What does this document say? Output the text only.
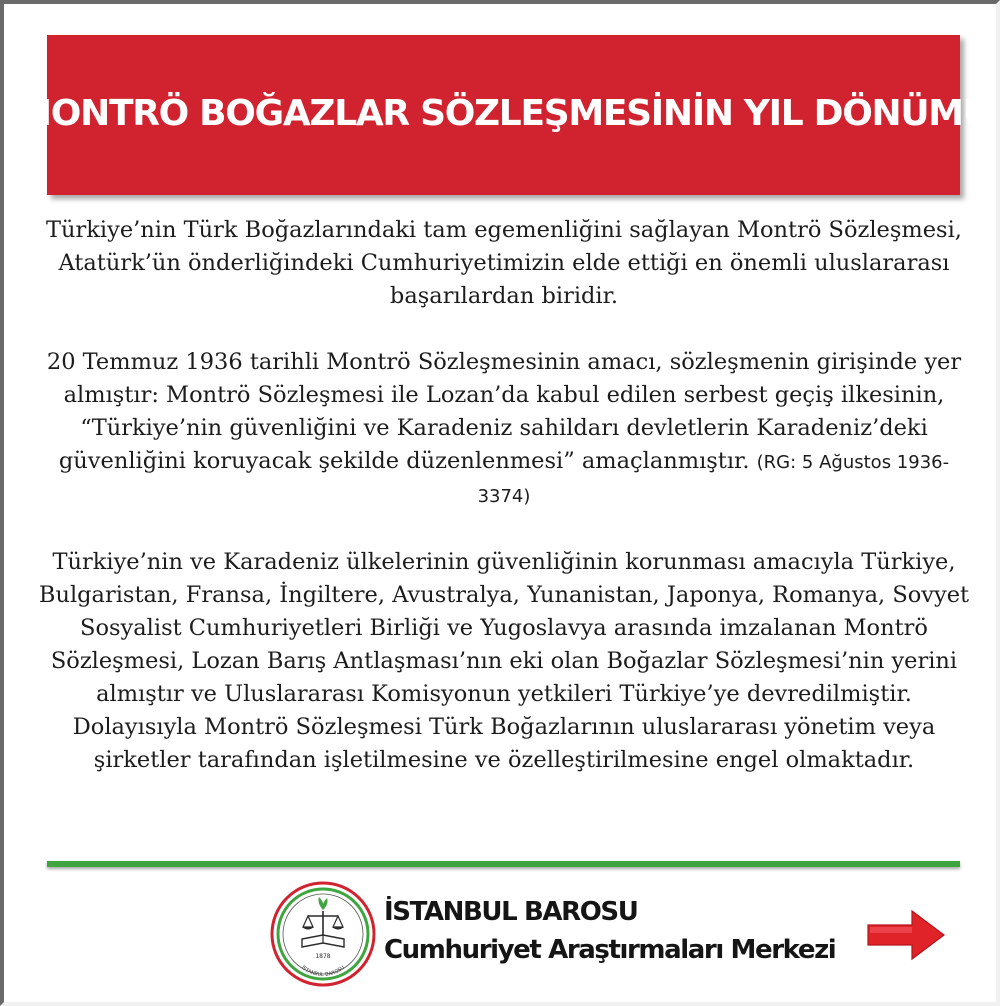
MONTRÖ BOĞAZLAR SÖZLEŞMESİNİN YIL DÖNÜMÜ

Türkiye’nin Türk Boğazlarındaki tam egemenliğini sağlayan Montrö Sözleşmesi, Atatürk’ün önderliğindeki Cumhuriyetimizin elde ettiği en önemli uluslararası başarılardan biridir.

20 Temmuz 1936 tarihli Montrö Sözleşmesinin amacı, sözleşmenin girişinde yer almıştır: Montrö Sözleşmesi ile Lozan’da kabul edilen serbest geçiş ilkesinin, “Türkiye’nin güvenliğini ve Karadeniz sahildarı devletlerin Karadeniz’deki güvenliğini koruyacak şekilde düzenlenmesi” amaçlanmıştır. (RG: 5 Ağustos 1936-3374)

Türkiye’nin ve Karadeniz ülkelerinin güvenliğinin korunması amacıyla Türkiye, Bulgaristan, Fransa, İngiltere, Avustralya, Yunanistan, Japonya, Romanya, Sovyet Sosyalist Cumhuriyetleri Birliği ve Yugoslavya arasında imzalanan Montrö Sözleşmesi, Lozan Barış Antlaşması’nın eki olan Boğazlar Sözleşmesi’nin yerini almıştır ve Uluslararası Komisyonun yetkileri Türkiye’ye devredilmiştir. Dolayısıyla Montrö Sözleşmesi Türk Boğazlarının uluslararası yönetim veya şirketler tarafından işletilmesine ve özelleştirilmesine engel olmaktadır.

1878
İSTANBUL BAROSU
İSTANBUL BAROSU
Cumhuriyet Araştırmaları Merkezi
